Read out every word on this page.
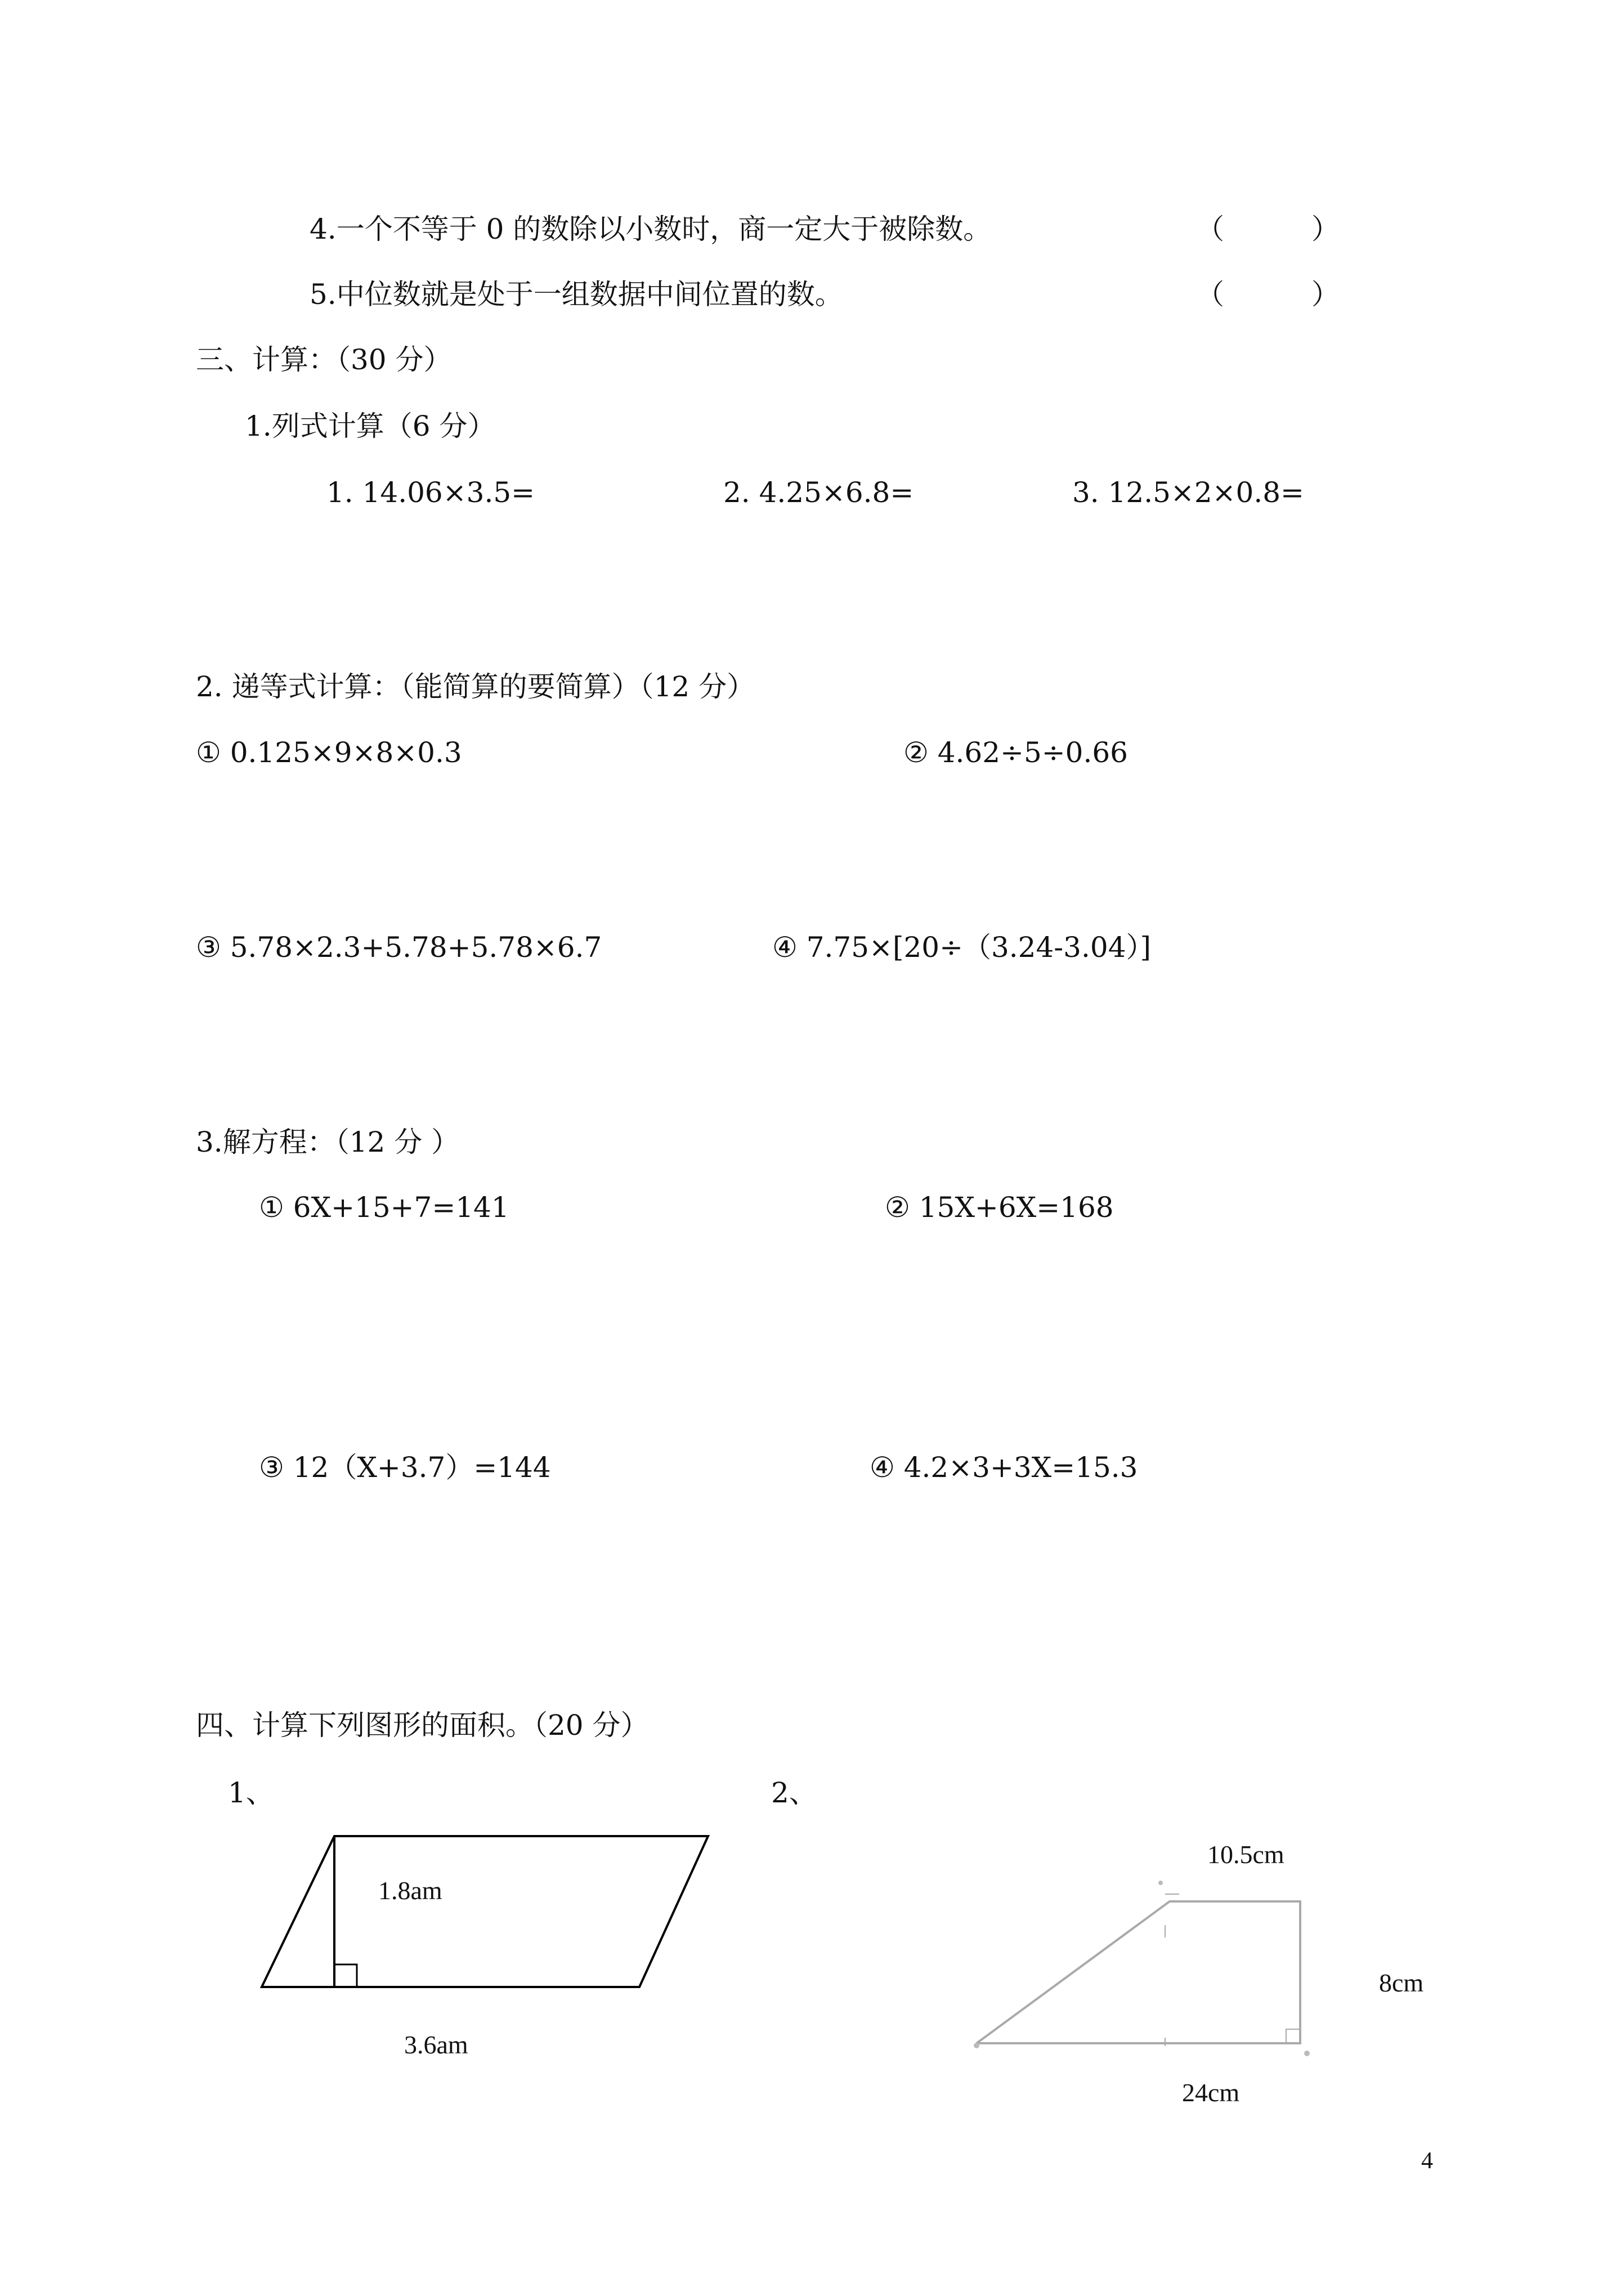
4.一个不等于 0 的数除以小数时，商一定大于被除数。	（	）
5.中位数就是处于一组数据中间位置的数。	（	）
三、计算：（30 分）
1.列式计算（6 分）
1. 14.06×3.5=	2. 4.25×6.8=	3. 12.5×2×0.8=
2. 递等式计算：（能简算的要简算）（12 分）
① 0.125×9×8×0.3	② 4.62÷5÷0.66
③ 5.78×2.3+5.78+5.78×6.7	④ 7.75×[20÷（3.24-3.04）]
3.解方程：（12 分 ）
① 6X+15+7=141	② 15X+6X=168
③ 12（X+3.7）=144	④ 4.2×3+3X=15.3
四、计算下列图形的面积。（20 分）
1、	2、
1.8am
3.6am
10.5cm
8cm
24cm
4
